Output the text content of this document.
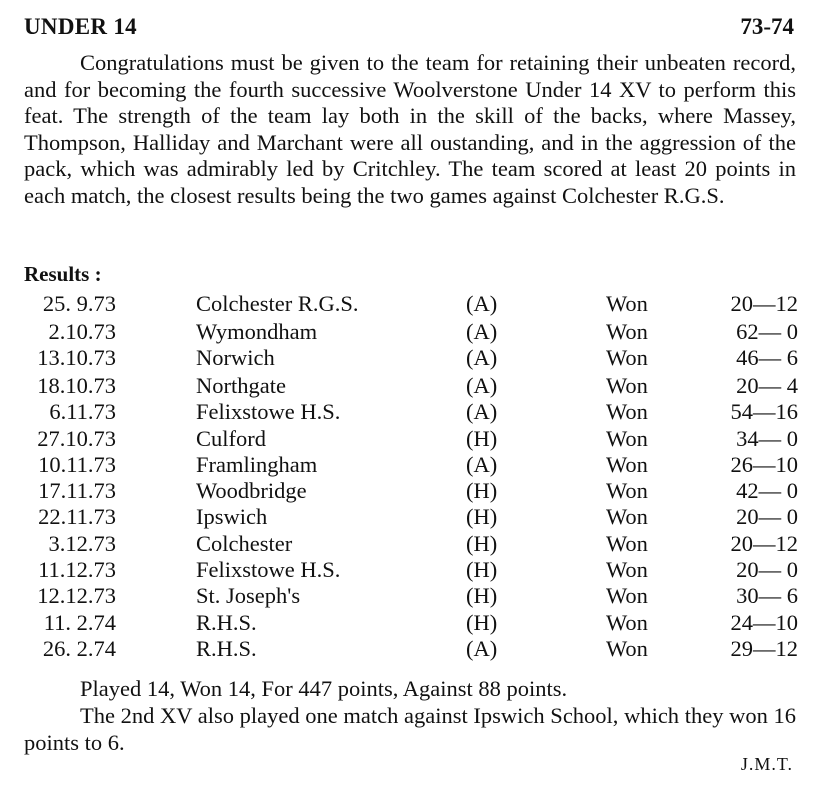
UNDER 14	73-74

Congratulations must be given to the team for retaining their unbeaten record, and for becoming the fourth successive Woolverstone Under 14 XV to perform this feat. The strength of the team lay both in the skill of the backs, where Massey, Thompson, Halliday and Marchant were all oustanding, and in the aggression of the pack, which was admirably led by Critchley. The team scored at least 20 points in each match, the closest results being the two games against Colchester R.G.S.

Results :
25. 9.73	Colchester R.G.S.	(A)	Won	20—12
2.10.73	Wymondham	(A)	Won	62— 0
13.10.73	Norwich	(A)	Won	46— 6
18.10.73	Northgate	(A)	Won	20— 4
6.11.73	Felixstowe H.S.	(A)	Won	54—16
27.10.73	Culford	(H)	Won	34— 0
10.11.73	Framlingham	(A)	Won	26—10
17.11.73	Woodbridge	(H)	Won	42— 0
22.11.73	Ipswich	(H)	Won	20— 0
3.12.73	Colchester	(H)	Won	20—12
11.12.73	Felixstowe H.S.	(H)	Won	20— 0
12.12.73	St. Joseph's	(H)	Won	30— 6
11. 2.74	R.H.S.	(H)	Won	24—10
26. 2.74	R.H.S.	(A)	Won	29—12
Played 14, Won 14, For 447 points, Against 88 points.

The 2nd XV also played one match against Ipswich School, which they won 16 points to 6.

J.M.T.
